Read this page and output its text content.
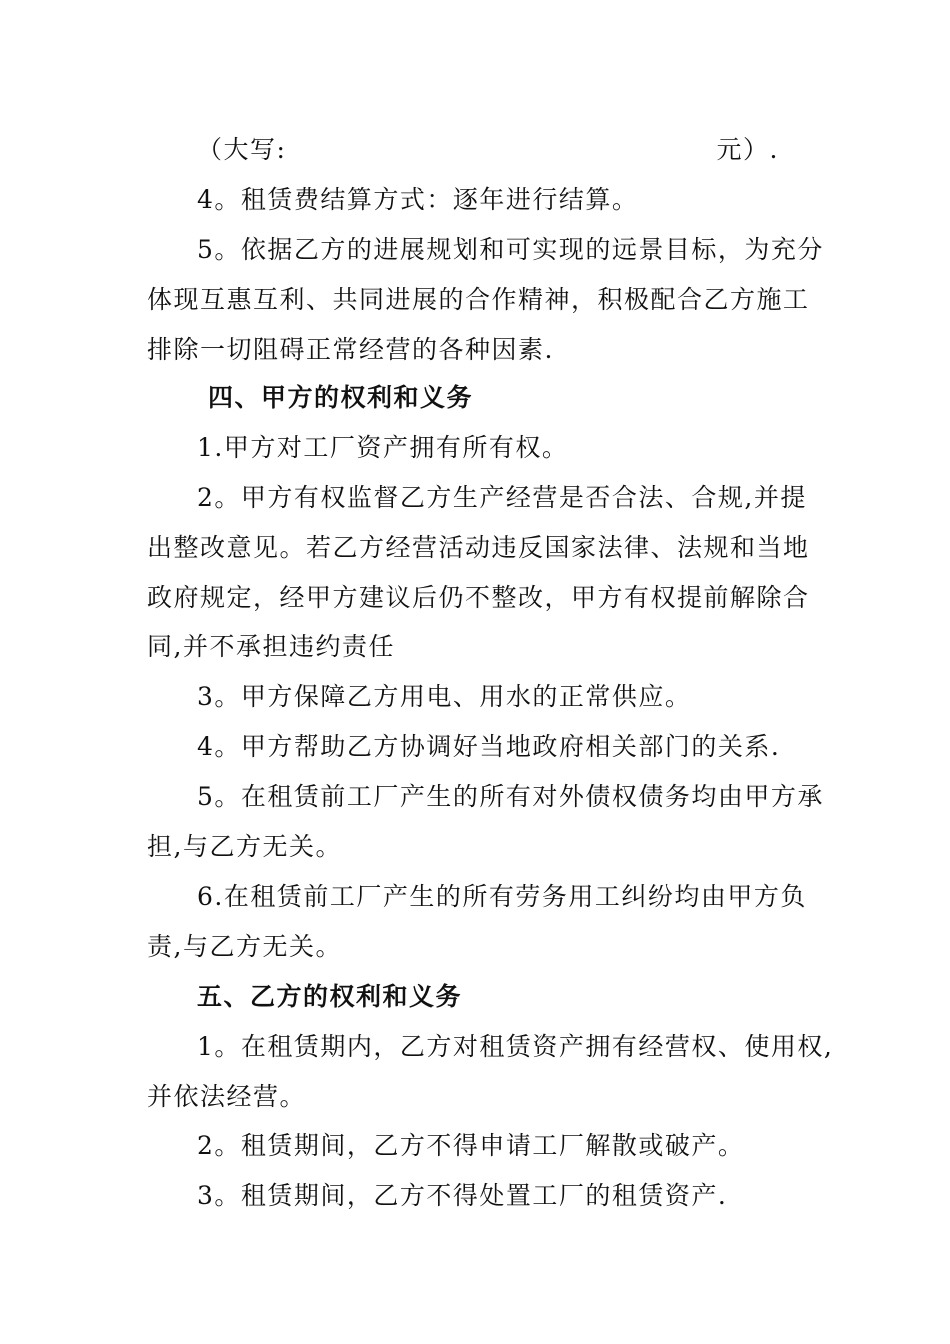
（大写:	元）.
4。租赁费结算方式：逐年进行结算。
5。依据乙方的进展规划和可实现的远景目标，为充分
体现互惠互利、共同进展的合作精神，积极配合乙方施工
排除一切阻碍正常经营的各种因素.
四、甲方的权利和义务
1.甲方对工厂资产拥有所有权。
2。甲方有权监督乙方生产经营是否合法、合规,并提
出整改意见。若乙方经营活动违反国家法律、法规和当地
政府规定，经甲方建议后仍不整改，甲方有权提前解除合
同,并不承担违约责任
3。甲方保障乙方用电、用水的正常供应。
4。甲方帮助乙方协调好当地政府相关部门的关系.
5。在租赁前工厂产生的所有对外债权债务均由甲方承
担,与乙方无关。
6.在租赁前工厂产生的所有劳务用工纠纷均由甲方负
责,与乙方无关。
五、乙方的权利和义务
1。在租赁期内，乙方对租赁资产拥有经营权、使用权,
并依法经营。
2。租赁期间，乙方不得申请工厂解散或破产。
3。租赁期间，乙方不得处置工厂的租赁资产.
